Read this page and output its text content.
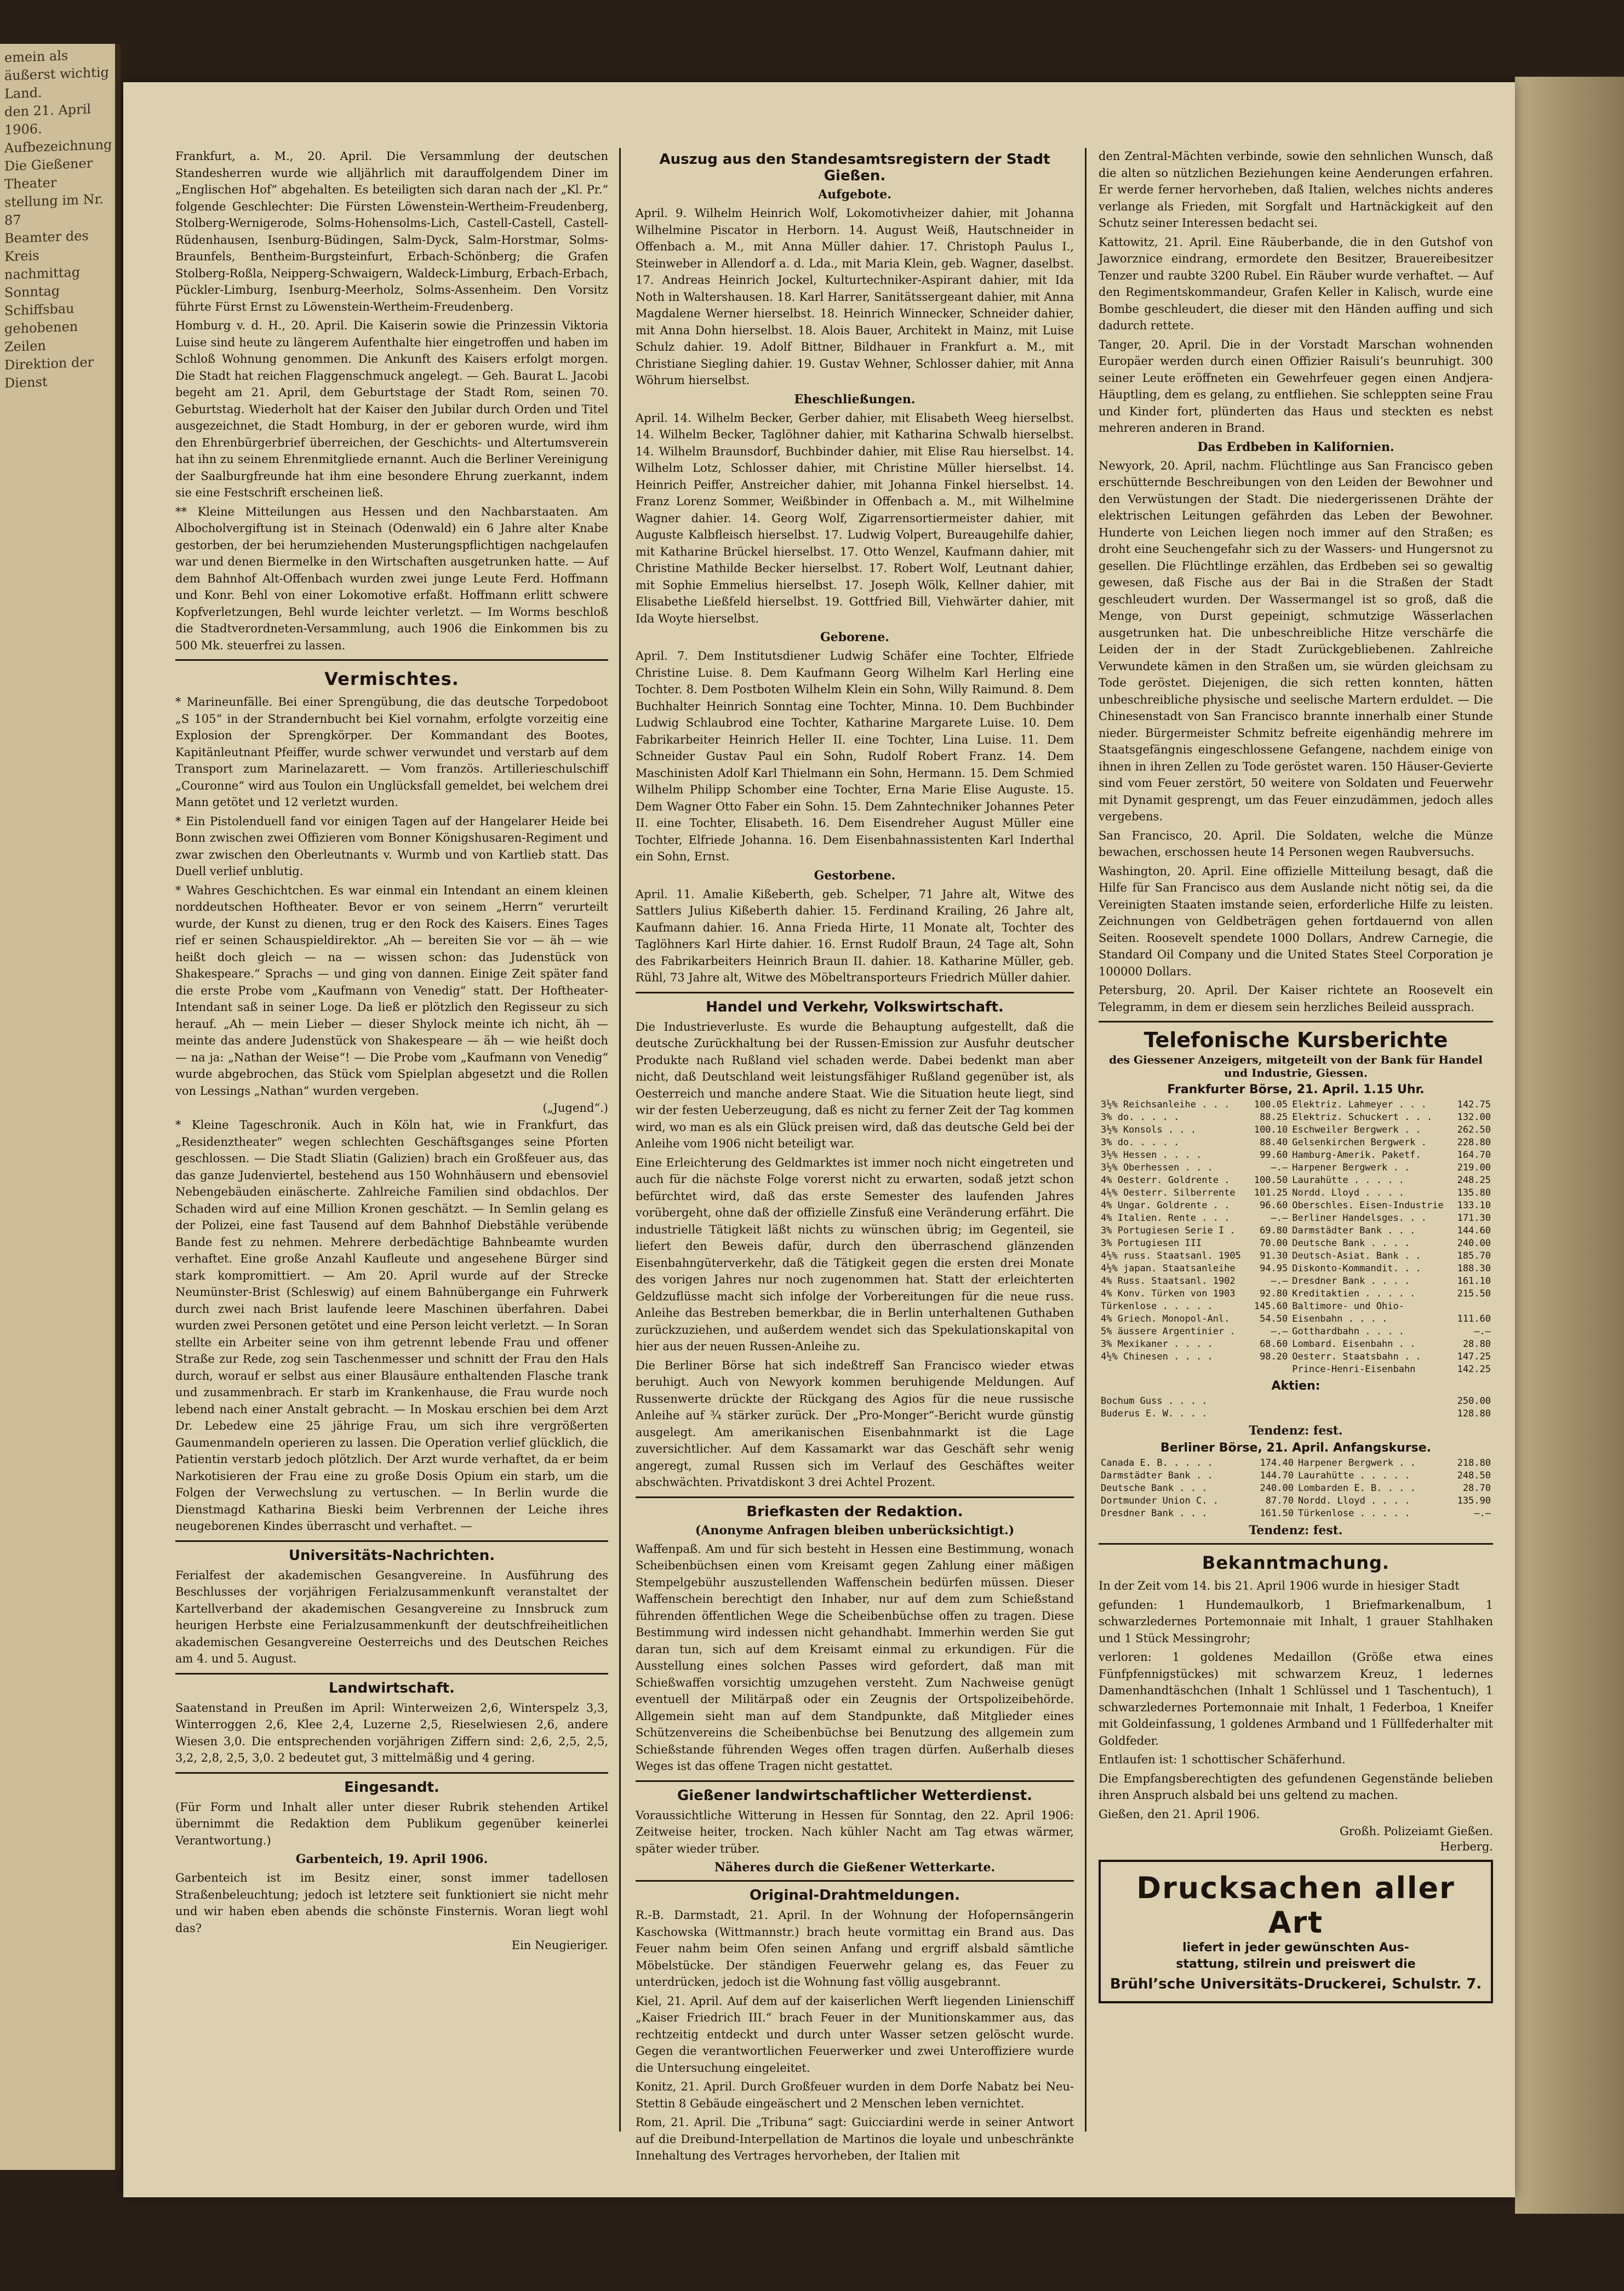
emein als äußerst wichtig
Land.
den 21. April 1906.
Aufbezeichnung
Die Gießener Theater
stellung im Nr. 87
Beamter des Kreis
nachmittag
Sonntag
Schiffsbau
gehobenen Zeilen
Direktion der Dienst

Frankfurt, a. M., 20. April. Die Versammlung der deutschen Standesherren wurde wie alljährlich mit darauffolgendem Diner im „Englischen Hof“ abgehalten. Es beteiligten sich daran nach der „Kl. Pr.“ folgende Geschlechter: Die Fürsten Löwenstein-Wertheim-Freudenberg, Stolberg-Wernigerode, Solms-Hohensolms-Lich, Castell-Castell, Castell-Rüdenhausen, Isenburg-Büdingen, Salm-Dyck, Salm-Horstmar, Solms-Braunfels, Bentheim-Burgsteinfurt, Erbach-Schönberg; die Grafen Stolberg-Roßla, Neipperg-Schwaigern, Waldeck-Limburg, Erbach-Erbach, Pückler-Limburg, Isenburg-Meerholz, Solms-Assenheim. Den Vorsitz führte Fürst Ernst zu Löwenstein-Wertheim-Freudenberg.

Homburg v. d. H., 20. April. Die Kaiserin sowie die Prinzessin Viktoria Luise sind heute zu längerem Aufenthalte hier eingetroffen und haben im Schloß Wohnung genommen. Die Ankunft des Kaisers erfolgt morgen. Die Stadt hat reichen Flaggenschmuck angelegt. — Geh. Baurat L. Jacobi begeht am 21. April, dem Geburtstage der Stadt Rom, seinen 70. Geburtstag. Wiederholt hat der Kaiser den Jubilar durch Orden und Titel ausgezeichnet, die Stadt Homburg, in der er geboren wurde, wird ihm den Ehrenbürgerbrief überreichen, der Geschichts- und Altertumsverein hat ihn zu seinem Ehrenmitgliede ernannt. Auch die Berliner Vereinigung der Saalburgfreunde hat ihm eine besondere Ehrung zuerkannt, indem sie eine Festschrift erscheinen ließ.

** Kleine Mitteilungen aus Hessen und den Nachbarstaaten. Am Albocholvergiftung ist in Steinach (Odenwald) ein 6 Jahre alter Knabe gestorben, der bei herumziehenden Musterungspflichtigen nachgelaufen war und denen Biermelke in den Wirtschaften ausgetrunken hatte. — Auf dem Bahnhof Alt-Offenbach wurden zwei junge Leute Ferd. Hoffmann und Konr. Behl von einer Lokomotive erfaßt. Hoffmann erlitt schwere Kopfverletzungen, Behl wurde leichter verletzt. — Im Worms beschloß die Stadtverordneten-Versammlung, auch 1906 die Einkommen bis zu 500 Mk. steuerfrei zu lassen.

Vermischtes.

* Marineunfälle. Bei einer Sprengübung, die das deutsche Torpedoboot „S 105“ in der Strandernbucht bei Kiel vornahm, erfolgte vorzeitig eine Explosion der Sprengkörper. Der Kommandant des Bootes, Kapitänleutnant Pfeiffer, wurde schwer verwundet und verstarb auf dem Transport zum Marinelazarett. — Vom französ. Artillerieschulschiff „Couronne“ wird aus Toulon ein Unglücksfall gemeldet, bei welchem drei Mann getötet und 12 verletzt wurden.

* Ein Pistolenduell fand vor einigen Tagen auf der Hangelarer Heide bei Bonn zwischen zwei Offizieren vom Bonner Königshusaren-Regiment und zwar zwischen den Oberleutnants v. Wurmb und von Kartlieb statt. Das Duell verlief unblutig.

* Wahres Geschichtchen. Es war einmal ein Intendant an einem kleinen norddeutschen Hoftheater. Bevor er von seinem „Herrn“ verurteilt wurde, der Kunst zu dienen, trug er den Rock des Kaisers. Eines Tages rief er seinen Schauspieldirektor. „Ah — bereiten Sie vor — äh — wie heißt doch gleich — na — wissen schon: das Judenstück von Shakespeare.“ Sprachs — und ging von dannen. Einige Zeit später fand die erste Probe vom „Kaufmann von Venedig“ statt. Der Hoftheater-Intendant saß in seiner Loge. Da ließ er plötzlich den Regisseur zu sich herauf. „Ah — mein Lieber — dieser Shylock meinte ich nicht, äh — meinte das andere Judenstück von Shakespeare — äh — wie heißt doch — na ja: „Nathan der Weise“! — Die Probe vom „Kaufmann von Venedig“ wurde abgebrochen, das Stück vom Spielplan abgesetzt und die Rollen von Lessings „Nathan“ wurden vergeben.

(„Jugend“.)

* Kleine Tageschronik. Auch in Köln hat, wie in Frankfurt, das „Residenztheater“ wegen schlechten Geschäftsganges seine Pforten geschlossen. — Die Stadt Sliatin (Galizien) brach ein Großfeuer aus, das das ganze Judenviertel, bestehend aus 150 Wohnhäusern und ebensoviel Nebengebäuden einäscherte. Zahlreiche Familien sind obdachlos. Der Schaden wird auf eine Million Kronen geschätzt. — In Semlin gelang es der Polizei, eine fast Tausend auf dem Bahnhof Diebstähle verübende Bande fest zu nehmen. Mehrere derbedächtige Bahnbeamte wurden verhaftet. Eine große Anzahl Kaufleute und angesehene Bürger sind stark kompromittiert. — Am 20. April wurde auf der Strecke Neumünster-Brist (Schleswig) auf einem Bahnübergange ein Fuhrwerk durch zwei nach Brist laufende leere Maschinen überfahren. Dabei wurden zwei Personen getötet und eine Person leicht verletzt. — In Soran stellte ein Arbeiter seine von ihm getrennt lebende Frau und offener Straße zur Rede, zog sein Taschenmesser und schnitt der Frau den Hals durch, worauf er selbst aus einer Blausäure enthaltenden Flasche trank und zusammenbrach. Er starb im Krankenhause, die Frau wurde noch lebend nach einer Anstalt gebracht. — In Moskau erschien bei dem Arzt Dr. Lebedew eine 25 jährige Frau, um sich ihre vergrößerten Gaumenmandeln operieren zu lassen. Die Operation verlief glücklich, die Patientin verstarb jedoch plötzlich. Der Arzt wurde verhaftet, da er beim Narkotisieren der Frau eine zu große Dosis Opium ein starb, um die Folgen der Verwechslung zu vertuschen. — In Berlin wurde die Dienstmagd Katharina Bieski beim Verbrennen der Leiche ihres neugeborenen Kindes überrascht und verhaftet. —

Universitäts-Nachrichten.

Ferialfest der akademischen Gesangvereine. In Ausführung des Beschlusses der vorjährigen Ferialzusammenkunft veranstaltet der Kartellverband der akademischen Gesangvereine zu Innsbruck zum heurigen Herbste eine Ferialzusammenkunft der deutschfreiheitlichen akademischen Gesangvereine Oesterreichs und des Deutschen Reiches am 4. und 5. August.

Landwirtschaft.

Saatenstand in Preußen im April: Winterweizen 2,6, Winterspelz 3,3, Winterroggen 2,6, Klee 2,4, Luzerne 2,5, Rieselwiesen 2,6, andere Wiesen 3,0. Die entsprechenden vorjährigen Ziffern sind: 2,6, 2,5, 2,5, 3,2, 2,8, 2,5, 3,0. 2 bedeutet gut, 3 mittelmäßig und 4 gering.

Eingesandt.

(Für Form und Inhalt aller unter dieser Rubrik stehenden Artikel übernimmt die Redaktion dem Publikum gegenüber keinerlei Verantwortung.)

Garbenteich, 19. April 1906.

Garbenteich ist im Besitz einer, sonst immer tadellosen Straßenbeleuchtung; jedoch ist letztere seit funktioniert sie nicht mehr und wir haben eben abends die schönste Finsternis. Woran liegt wohl das?

Ein Neugieriger.

Auszug aus den Standesamtsregistern der Stadt Gießen.
Aufgebote.

April. 9. Wilhelm Heinrich Wolf, Lokomotivheizer dahier, mit Johanna Wilhelmine Piscator in Herborn. 14. August Weiß, Hautschneider in Offenbach a. M., mit Anna Müller dahier. 17. Christoph Paulus I., Steinweber in Allendorf a. d. Lda., mit Maria Klein, geb. Wagner, daselbst. 17. Andreas Heinrich Jockel, Kulturtechniker-Aspirant dahier, mit Ida Noth in Waltershausen. 18. Karl Harrer, Sanitätssergeant dahier, mit Anna Magdalene Werner hierselbst. 18. Heinrich Winnecker, Schneider dahier, mit Anna Dohn hierselbst. 18. Alois Bauer, Architekt in Mainz, mit Luise Schulz dahier. 19. Adolf Bittner, Bildhauer in Frankfurt a. M., mit Christiane Siegling dahier. 19. Gustav Wehner, Schlosser dahier, mit Anna Wöhrum hierselbst.

Eheschließungen.

April. 14. Wilhelm Becker, Gerber dahier, mit Elisabeth Weeg hierselbst. 14. Wilhelm Becker, Taglöhner dahier, mit Katharina Schwalb hierselbst. 14. Wilhelm Braunsdorf, Buchbinder dahier, mit Elise Rau hierselbst. 14. Wilhelm Lotz, Schlosser dahier, mit Christine Müller hierselbst. 14. Heinrich Peiffer, Anstreicher dahier, mit Johanna Finkel hierselbst. 14. Franz Lorenz Sommer, Weißbinder in Offenbach a. M., mit Wilhelmine Wagner dahier. 14. Georg Wolf, Zigarrensortiermeister dahier, mit Auguste Kalbfleisch hierselbst. 17. Ludwig Volpert, Bureaugehilfe dahier, mit Katharine Brückel hierselbst. 17. Otto Wenzel, Kaufmann dahier, mit Christine Mathilde Becker hierselbst. 17. Robert Wolf, Leutnant dahier, mit Sophie Emmelius hierselbst. 17. Joseph Wölk, Kellner dahier, mit Elisabethe Ließfeld hierselbst. 19. Gottfried Bill, Viehwärter dahier, mit Ida Woyte hierselbst.

Geborene.

April. 7. Dem Institutsdiener Ludwig Schäfer eine Tochter, Elfriede Christine Luise. 8. Dem Kaufmann Georg Wilhelm Karl Herling eine Tochter. 8. Dem Postboten Wilhelm Klein ein Sohn, Willy Raimund. 8. Dem Buchhalter Heinrich Sonntag eine Tochter, Minna. 10. Dem Buchbinder Ludwig Schlaubrod eine Tochter, Katharine Margarete Luise. 10. Dem Fabrikarbeiter Heinrich Heller II. eine Tochter, Lina Luise. 11. Dem Schneider Gustav Paul ein Sohn, Rudolf Robert Franz. 14. Dem Maschinisten Adolf Karl Thielmann ein Sohn, Hermann. 15. Dem Schmied Wilhelm Philipp Schomber eine Tochter, Erna Marie Elise Auguste. 15. Dem Wagner Otto Faber ein Sohn. 15. Dem Zahntechniker Johannes Peter II. eine Tochter, Elisabeth. 16. Dem Eisendreher August Müller eine Tochter, Elfriede Johanna. 16. Dem Eisenbahnassistenten Karl Inderthal ein Sohn, Ernst.

Gestorbene.

April. 11. Amalie Kißeberth, geb. Schelper, 71 Jahre alt, Witwe des Sattlers Julius Kißeberth dahier. 15. Ferdinand Krailing, 26 Jahre alt, Kaufmann dahier. 16. Anna Frieda Hirte, 11 Monate alt, Tochter des Taglöhners Karl Hirte dahier. 16. Ernst Rudolf Braun, 24 Tage alt, Sohn des Fabrikarbeiters Heinrich Braun II. dahier. 18. Katharine Müller, geb. Rühl, 73 Jahre alt, Witwe des Möbeltransporteurs Friedrich Müller dahier.

Handel und Verkehr, Volkswirtschaft.

Die Industrieverluste. Es wurde die Behauptung aufgestellt, daß die deutsche Zurückhaltung bei der Russen-Emission zur Ausfuhr deutscher Produkte nach Rußland viel schaden werde. Dabei bedenkt man aber nicht, daß Deutschland weit leistungsfähiger Rußland gegenüber ist, als Oesterreich und manche andere Staat. Wie die Situation heute liegt, sind wir der festen Ueberzeugung, daß es nicht zu ferner Zeit der Tag kommen wird, wo man es als ein Glück preisen wird, daß das deutsche Geld bei der Anleihe vom 1906 nicht beteiligt war.

Eine Erleichterung des Geldmarktes ist immer noch nicht eingetreten und auch für die nächste Folge vorerst nicht zu erwarten, sodaß jetzt schon befürchtet wird, daß das erste Semester des laufenden Jahres vorübergeht, ohne daß der offizielle Zinsfuß eine Veränderung erfährt. Die industrielle Tätigkeit läßt nichts zu wünschen übrig; im Gegenteil, sie liefert den Beweis dafür, durch den überraschend glänzenden Eisenbahngüterverkehr, daß die Tätigkeit gegen die ersten drei Monate des vorigen Jahres nur noch zugenommen hat. Statt der erleichterten Geldzuflüsse macht sich infolge der Vorbereitungen für die neue russ. Anleihe das Bestreben bemerkbar, die in Berlin unterhaltenen Guthaben zurückzuziehen, und außerdem wendet sich das Spekulationskapital von hier aus der neuen Russen-Anleihe zu.

Die Berliner Börse hat sich indeßtreff San Francisco wieder etwas beruhigt. Auch von Newyork kommen beruhigende Meldungen. Auf Russenwerte drückte der Rückgang des Agios für die neue russische Anleihe auf ¾ stärker zurück. Der „Pro-Monger“-Bericht wurde günstig ausgelegt. Am amerikanischen Eisenbahnmarkt ist die Lage zuversichtlicher. Auf dem Kassamarkt war das Geschäft sehr wenig angeregt, zumal Russen sich im Verlauf des Geschäftes weiter abschwächten. Privatdiskont 3 drei Achtel Prozent.

Briefkasten der Redaktion.
(Anonyme Anfragen bleiben unberücksichtigt.)

Waffenpaß. Am und für sich besteht in Hessen eine Bestimmung, wonach Scheibenbüchsen einen vom Kreisamt gegen Zahlung einer mäßigen Stempelgebühr auszustellenden Waffenschein bedürfen müssen. Dieser Waffenschein berechtigt den Inhaber, nur auf dem zum Schießstand führenden öffentlichen Wege die Scheibenbüchse offen zu tragen. Diese Bestimmung wird indessen nicht gehandhabt. Immerhin werden Sie gut daran tun, sich auf dem Kreisamt einmal zu erkundigen. Für die Ausstellung eines solchen Passes wird gefordert, daß man mit Schießwaffen vorsichtig umzugehen versteht. Zum Nachweise genügt eventuell der Militärpaß oder ein Zeugnis der Ortspolizeibehörde. Allgemein sieht man auf dem Standpunkte, daß Mitglieder eines Schützenvereins die Scheibenbüchse bei Benutzung des allgemein zum Schießstande führenden Weges offen tragen dürfen. Außerhalb dieses Weges ist das offene Tragen nicht gestattet.

Gießener landwirtschaftlicher Wetterdienst.

Voraussichtliche Witterung in Hessen für Sonntag, den 22. April 1906: Zeitweise heiter, trocken. Nach kühler Nacht am Tag etwas wärmer, später wieder trüber.

Näheres durch die Gießener Wetterkarte.

Original-Drahtmeldungen.

R.-B. Darmstadt, 21. April. In der Wohnung der Hofopernsängerin Kaschowska (Wittmannstr.) brach heute vormittag ein Brand aus. Das Feuer nahm beim Ofen seinen Anfang und ergriff alsbald sämtliche Möbelstücke. Der ständigen Feuerwehr gelang es, das Feuer zu unterdrücken, jedoch ist die Wohnung fast völlig ausgebrannt.

Kiel, 21. April. Auf dem auf der kaiserlichen Werft liegenden Linienschiff „Kaiser Friedrich III.“ brach Feuer in der Munitionskammer aus, das rechtzeitig entdeckt und durch unter Wasser setzen gelöscht wurde. Gegen die verantwortlichen Feuerwerker und zwei Unteroffiziere wurde die Untersuchung eingeleitet.

Konitz, 21. April. Durch Großfeuer wurden in dem Dorfe Nabatz bei Neu-Stettin 8 Gebäude eingeäschert und 2 Menschen leben vernichtet.

Rom, 21. April. Die „Tribuna“ sagt: Guicciardini werde in seiner Antwort auf die Dreibund-Interpellation de Martinos die loyale und unbeschränkte Innehaltung des Vertrages hervorheben, der Italien mit

den Zentral-Mächten verbinde, sowie den sehnlichen Wunsch, daß die alten so nützlichen Beziehungen keine Aenderungen erfahren. Er werde ferner hervorheben, daß Italien, welches nichts anderes verlange als Frieden, mit Sorgfalt und Hartnäckigkeit auf den Schutz seiner Interessen bedacht sei.

Kattowitz, 21. April. Eine Räuberbande, die in den Gutshof von Jaworznice eindrang, ermordete den Besitzer, Brauereibesitzer Tenzer und raubte 3200 Rubel. Ein Räuber wurde verhaftet. — Auf den Regimentskommandeur, Grafen Keller in Kalisch, wurde eine Bombe geschleudert, die dieser mit den Händen auffing und sich dadurch rettete.

Tanger, 20. April. Die in der Vorstadt Marschan wohnenden Europäer werden durch einen Offizier Raisuli’s beunruhigt. 300 seiner Leute eröffneten ein Gewehrfeuer gegen einen Andjera-Häuptling, dem es gelang, zu entfliehen. Sie schleppten seine Frau und Kinder fort, plünderten das Haus und steckten es nebst mehreren anderen in Brand.

Das Erdbeben in Kalifornien.

Newyork, 20. April, nachm. Flüchtlinge aus San Francisco geben erschütternde Beschreibungen von den Leiden der Bewohner und den Verwüstungen der Stadt. Die niedergerissenen Drähte der elektrischen Leitungen gefährden das Leben der Bewohner. Hunderte von Leichen liegen noch immer auf den Straßen; es droht eine Seuchengefahr sich zu der Wassers- und Hungersnot zu gesellen. Die Flüchtlinge erzählen, das Erdbeben sei so gewaltig gewesen, daß Fische aus der Bai in die Straßen der Stadt geschleudert wurden. Der Wassermangel ist so groß, daß die Menge, von Durst gepeinigt, schmutzige Wässerlachen ausgetrunken hat. Die unbeschreibliche Hitze verschärfe die Leiden der in der Stadt Zurückgebliebenen. Zahlreiche Verwundete kämen in den Straßen um, sie würden gleichsam zu Tode geröstet. Diejenigen, die sich retten konnten, hätten unbeschreibliche physische und seelische Martern erduldet. — Die Chinesenstadt von San Francisco brannte innerhalb einer Stunde nieder. Bürgermeister Schmitz befreite eigenhändig mehrere im Staatsgefängnis eingeschlossene Gefangene, nachdem einige von ihnen in ihren Zellen zu Tode geröstet waren. 150 Häuser-Gevierte sind vom Feuer zerstört, 50 weitere von Soldaten und Feuerwehr mit Dynamit gesprengt, um das Feuer einzudämmen, jedoch alles vergebens.

San Francisco, 20. April. Die Soldaten, welche die Münze bewachen, erschossen heute 14 Personen wegen Raubversuchs.

Washington, 20. April. Eine offizielle Mitteilung besagt, daß die Hilfe für San Francisco aus dem Auslande nicht nötig sei, da die Vereinigten Staaten imstande seien, erforderliche Hilfe zu leisten. Zeichnungen von Geldbeträgen gehen fortdauernd von allen Seiten. Roosevelt spendete 1000 Dollars, Andrew Carnegie, die Standard Oil Company und die United States Steel Corporation je 100000 Dollars.

Petersburg, 20. April. Der Kaiser richtete an Roosevelt ein Telegramm, in dem er diesem sein herzliches Beileid aussprach.

Telefonische Kursberichte
des Giessener Anzeigers, mitgeteilt von der Bank für Handel und Industrie, Giessen.
Frankfurter Börse, 21. April. 1.15 Uhr.
3½% Reichsanleihe . . .	100.05	Elektriz. Lahmeyer . . .	142.75
3% do. . . . .	88.25	Elektriz. Schuckert . . .	132.00
3½% Konsols . . .	100.10	Eschweiler Bergwerk . .	262.50
3% do. . . . .	88.40	Gelsenkirchen Bergwerk .	228.80
3½% Hessen . . . .	99.60	Hamburg-Amerik. Paketf.	164.70
3½% Oberhessen . . .	—.—	Harpener Bergwerk . .	219.00
4% Oesterr. Goldrente .	100.50	Laurahütte . . . . .	248.25
4⅕% Oesterr. Silberrente	101.25	Nordd. Lloyd . . . .	135.80
4% Ungar. Goldrente . .	96.60	Oberschles. Eisen-Industrie	133.10
4% Italien. Rente . . .	—.—	Berliner Handelsges. . .	171.30
3% Portugiesen Serie I .	69.80	Darmstädter Bank . . .	144.60
3% Portugiesen III	70.00	Deutsche Bank . . . .	240.00
4½% russ. Staatsanl. 1905	91.30	Deutsch-Asiat. Bank . .	185.70
4½% japan. Staatsanleihe	94.95	Diskonto-Kommandit. . .	188.30
4% Russ. Staatsanl. 1902	—.—	Dresdner Bank . . . .	161.10
4% Konv. Türken von 1903	92.80	Kreditaktien . . . . .	215.50
Türkenlose . . . . .	145.60	Baltimore- und Ohio-	
4% Griech. Monopol-Anl.	54.50	Eisenbahn . . . .	111.60
5% äussere Argentinier .	—.—	Gotthardbahn . . . .	—.—
3% Mexikaner . . . .	68.60	Lombard. Eisenbahn . .	28.80
4½% Chinesen . . . .	98.20	Oesterr. Staatsbahn . .	147.25
		Prince-Henri-Eisenbahn	142.25
Aktien:
Bochum Guss . . . .	250.00
Buderus E. W. . . .	128.80
Tendenz: fest.
Berliner Börse, 21. April. Anfangskurse.
Canada E. B. . . . .	174.40	Harpener Bergwerk . .	218.80
Darmstädter Bank . .	144.70	Laurahütte . . . . .	248.50
Deutsche Bank . . .	240.00	Lombarden E. B. . . .	28.70
Dortmunder Union C. .	87.70	Nordd. Lloyd . . . .	135.90
Dresdner Bank . . .	161.50	Türkenlose . . . . .	—.—
Tendenz: fest.
Bekanntmachung.

In der Zeit vom 14. bis 21. April 1906 wurde in hiesiger Stadt

gefunden: 1 Hundemaulkorb, 1 Briefmarkenalbum, 1 schwarzledernes Portemonnaie mit Inhalt, 1 grauer Stahlhaken und 1 Stück Messingrohr;

verloren: 1 goldenes Medaillon (Größe etwa eines Fünfpfennigstückes) mit schwarzem Kreuz, 1 ledernes Damenhandtäschchen (Inhalt 1 Schlüssel und 1 Taschentuch), 1 schwarzledernes Portemonnaie mit Inhalt, 1 Federboa, 1 Kneifer mit Goldeinfassung, 1 goldenes Armband und 1 Füllfederhalter mit Goldfeder.

Entlaufen ist: 1 schottischer Schäferhund.

Die Empfangsberechtigten des gefundenen Gegenstände belieben ihren Anspruch alsbald bei uns geltend zu machen.

Gießen, den 21. April 1906.

Großh. Polizeiamt Gießen.

Herberg.

Drucksachen aller Art
liefert in jeder gewünschten Aus-
stattung, stilrein und preiswert die
Brühl’sche Universitäts-Druckerei, Schulstr. 7.
